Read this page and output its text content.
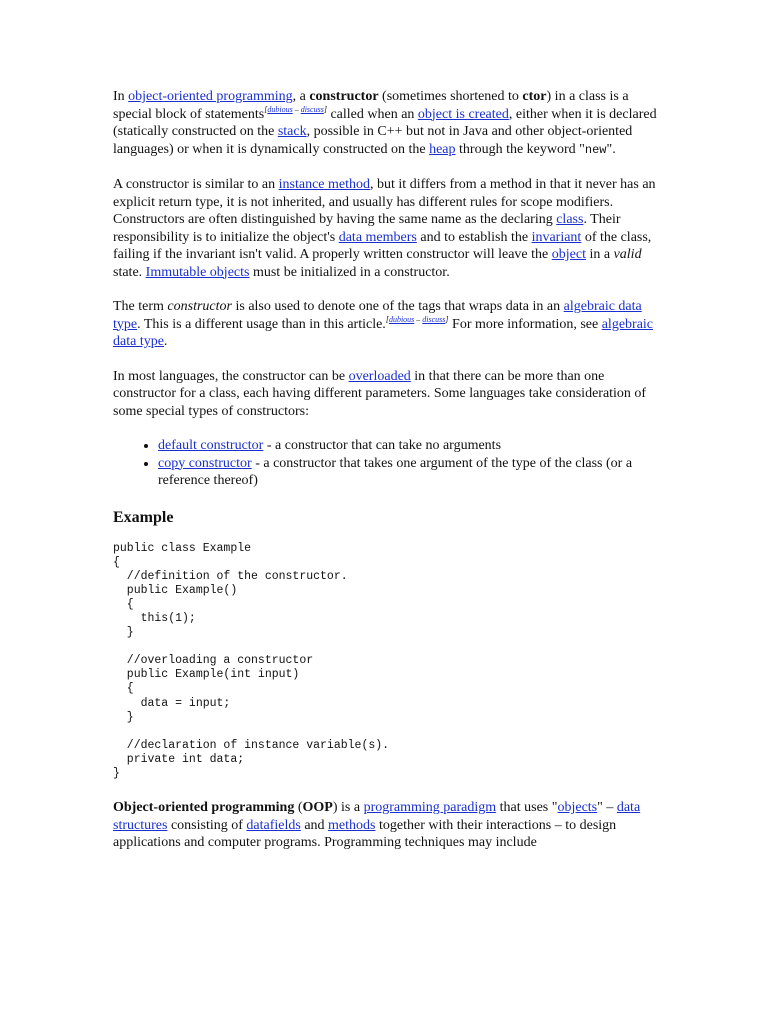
In object-oriented programming, a constructor (sometimes shortened to ctor) in a class is a special block of statements[dubious – discuss] called when an object is created, either when it is declared (statically constructed on the stack, possible in C++ but not in Java and other object-oriented languages) or when it is dynamically constructed on the heap through the keyword "new".

A constructor is similar to an instance method, but it differs from a method in that it never has an explicit return type, it is not inherited, and usually has different rules for scope modifiers. Constructors are often distinguished by having the same name as the declaring class. Their responsibility is to initialize the object's data members and to establish the invariant of the class, failing if the invariant isn't valid. A properly written constructor will leave the object in a valid state. Immutable objects must be initialized in a constructor.

The term constructor is also used to denote one of the tags that wraps data in an algebraic data type. This is a different usage than in this article.[dubious – discuss] For more information, see algebraic data type.

In most languages, the constructor can be overloaded in that there can be more than one constructor for a class, each having different parameters. Some languages take consideration of some special types of constructors:

• default constructor - a constructor that can take no arguments
• copy constructor - a constructor that takes one argument of the type of the class (or a reference thereof)
Example
public class Example
{
//definition of the constructor.
public Example()
{
this(1);
}

//overloading a constructor
public Example(int input)
{
data = input;
}

//declaration of instance variable(s).
private int data;
}

Object-oriented programming (OOP) is a programming paradigm that uses "objects" – data structures consisting of datafields and methods together with their interactions – to design applications and computer programs. Programming techniques may include
